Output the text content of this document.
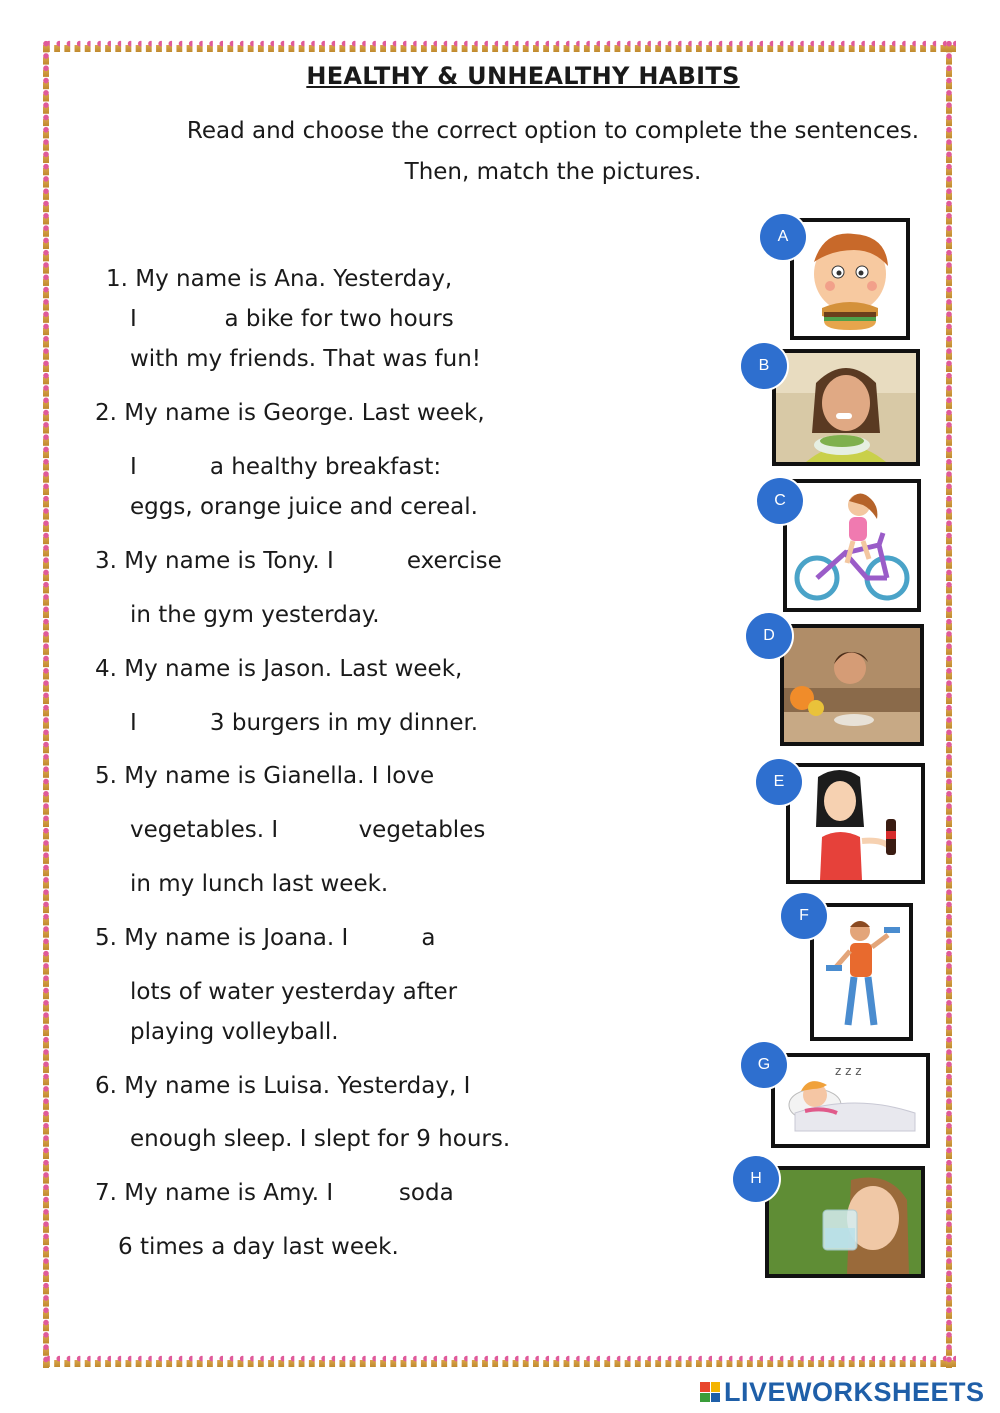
HEALTHY & UNHEALTHY HABITS
Read and choose the correct option to complete the sentences.
Then, match the pictures.
1. My name is Ana. Yesterday,
I            a bike for two hours
with my friends. That was fun!
2. My name is George. Last week,
I          a healthy breakfast:
eggs, orange juice and cereal.
3. My name is Tony. I          exercise
in the gym yesterday.
4. My name is Jason. Last week,
I          3 burgers in my dinner.
5. My name is Gianella. I love
vegetables. I           vegetables
in my lunch last week.
5. My name is Joana. I          a
lots of water yesterday after
playing volleyball.
6. My name is Luisa. Yesterday, I
enough sleep. I slept for 9 hours.
7. My name is Amy. I         soda
6 times a day last week.
A
B
C
D
E
F
z z z
G
H
LIVEWORKSHEETS
